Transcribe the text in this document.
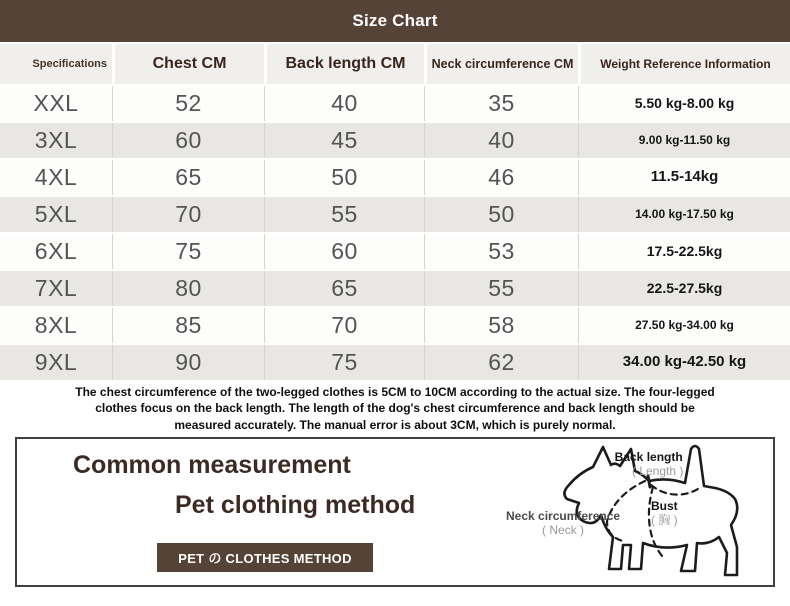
Size Chart
Specifications	Chest CM	Back length CM	Neck circumference CM	Weight Reference Information
XXL	52	40	35	5.50 kg-8.00 kg
3XL	60	45	40	9.00 kg-11.50 kg
4XL	65	50	46	11.5-14kg
5XL	70	55	50	14.00 kg-17.50 kg
6XL	75	60	53	17.5-22.5kg
7XL	80	65	55	22.5-27.5kg
8XL	85	70	58	27.50 kg-34.00 kg
9XL	90	75	62	34.00 kg-42.50 kg

The chest circumference of the two-legged clothes is 5CM to 10CM according to the actual size. The four-legged clothes focus on the back length. The length of the dog's chest circumference and back length should be measured accurately. The manual error is about 3CM, which is purely normal.

Common measurement
Pet clothing method
PET の CLOTHES METHOD
Back length
( Length )
Bust
( 胸 )
Neck circumference
( Neck )
